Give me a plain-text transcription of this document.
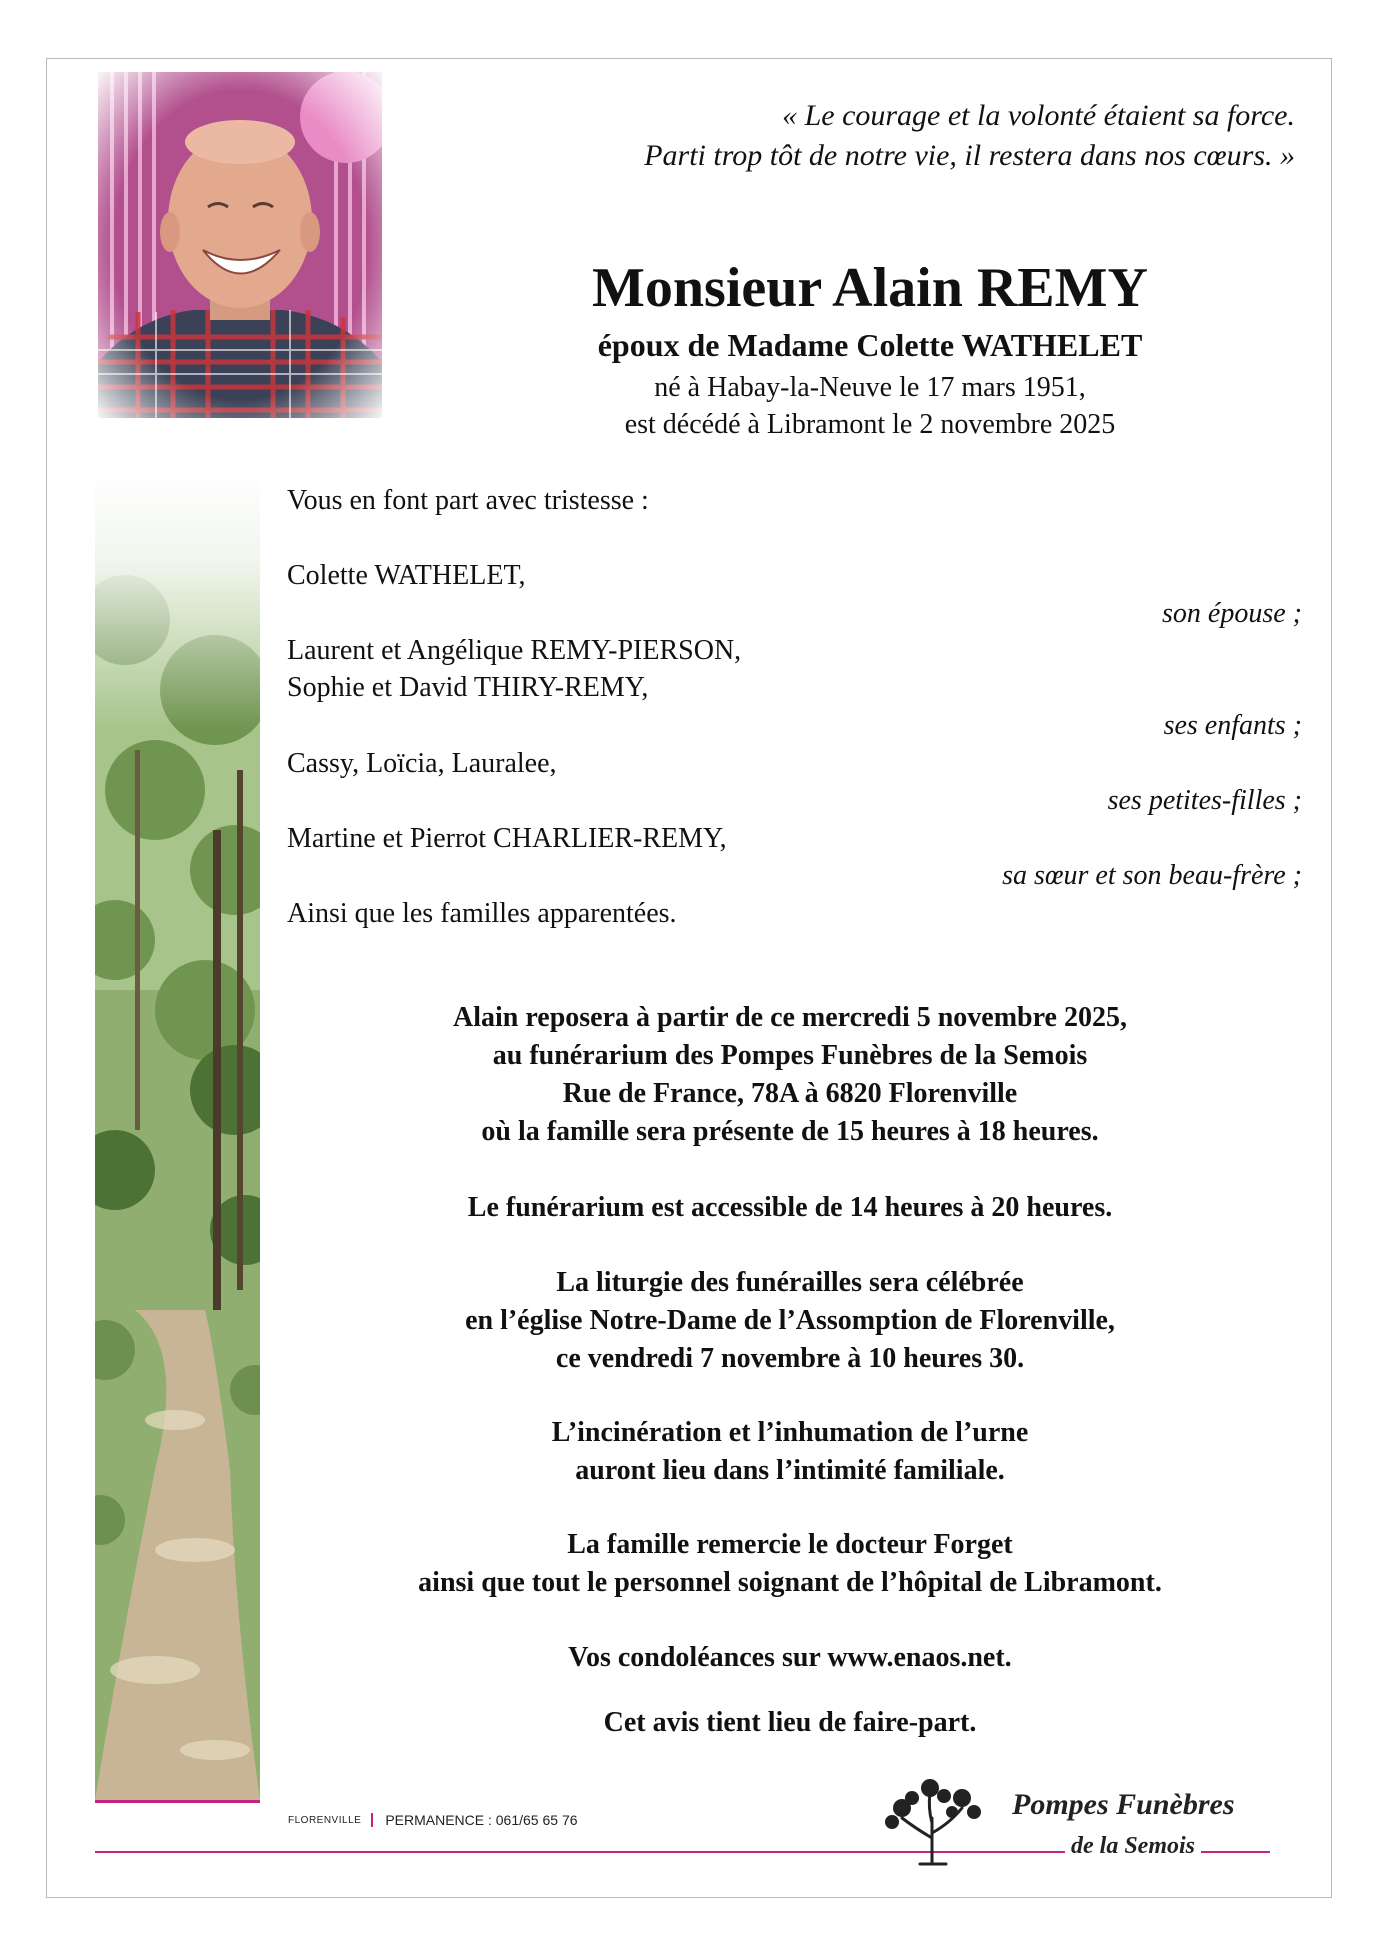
« Le courage et la volonté étaient sa force.
Parti trop tôt de notre vie, il restera dans nos cœurs. »
Monsieur Alain REMY
époux de Madame Colette WATHELET
né à Habay-la-Neuve le 17 mars 1951,
est décédé à Libramont le 2 novembre 2025
Vous en font part avec tristesse :
Colette WATHELET,
son épouse ;
Laurent et Angélique REMY-PIERSON,
Sophie et David THIRY-REMY,
ses enfants ;
Cassy, Loïcia, Lauralee,
ses petites-filles ;
Martine et Pierrot CHARLIER-REMY,
sa sœur et son beau-frère ;
Ainsi que les familles apparentées.
Alain reposera à partir de ce mercredi 5 novembre 2025,
au funérarium des Pompes Funèbres de la Semois
Rue de France, 78A à 6820 Florenville
où la famille sera présente de 15 heures à 18 heures.
Le funérarium est accessible de 14 heures à 20 heures.
La liturgie des funérailles sera célébrée
en l’église Notre-Dame de l’Assomption de Florenville,
ce vendredi 7 novembre à 10 heures 30.
L’incinération et l’inhumation de l’urne
auront lieu dans l’intimité familiale.
La famille remercie le docteur Forget
ainsi que tout le personnel soignant de l’hôpital de Libramont.
Vos condoléances sur www.enaos.net.
Cet avis tient lieu de faire-part.
FLORENVILLE PERMANENCE : 061/65 65 76	Pompes Funèbres
de la Semois
